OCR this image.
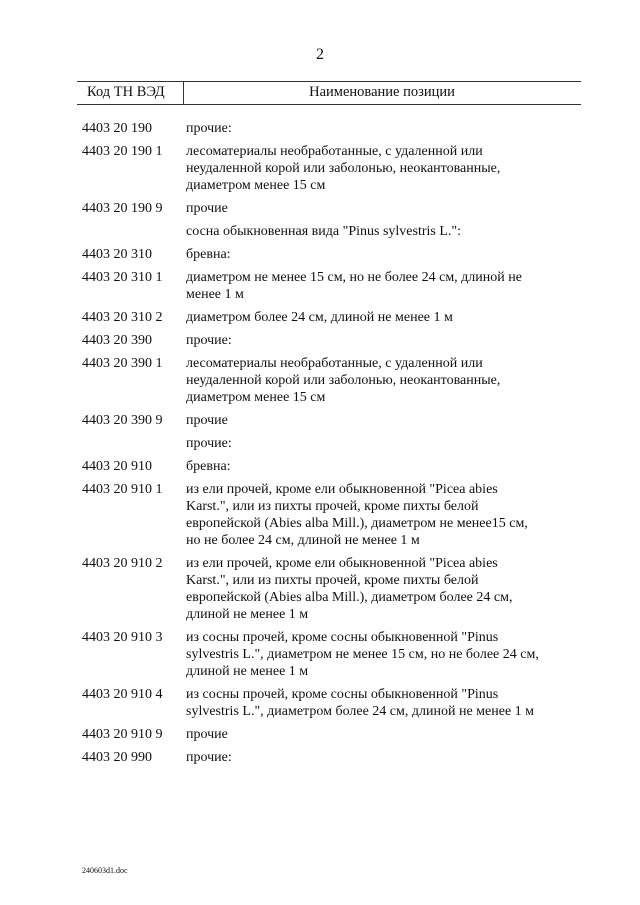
2
Код ТН ВЭД	Наименование позиции
4403 20 190	прочие:
4403 20 190 1	лесоматериалы необработанные, с удаленной или
неудаленной корой или заболонью, неокантованные,
диаметром менее 15 см
4403 20 190 9	прочие
сосна обыкновенная вида "Pinus sylvestris L.":
4403 20 310	бревна:
4403 20 310 1	диаметром не менее 15 см, но не более 24 см, длиной не
менее 1 м
4403 20 310 2	диаметром более 24 см, длиной не менее 1 м
4403 20 390	прочие:
4403 20 390 1	лесоматериалы необработанные, с удаленной или
неудаленной корой или заболонью, неокантованные,
диаметром менее 15 см
4403 20 390 9	прочие
прочие:
4403 20 910	бревна:
4403 20 910 1	из ели прочей, кроме ели обыкновенной "Picea abies
Karst.", или из пихты прочей, кроме пихты белой
европейской (Abies alba Mill.), диаметром не менее15 см,
но не более 24 см, длиной не менее 1 м
4403 20 910 2	из ели прочей, кроме ели обыкновенной "Picea abies
Karst.", или из пихты прочей, кроме пихты белой
европейской (Abies alba Mill.), диаметром более 24 см,
длиной не менее 1 м
4403 20 910 3	из сосны прочей, кроме сосны обыкновенной "Pinus
sylvestris L.", диаметром не менее 15 см, но не более 24 см,
длиной не менее 1 м
4403 20 910 4	из сосны прочей, кроме сосны обыкновенной "Pinus
sylvestris L.", диаметром более 24 см, длиной не менее 1 м
4403 20 910 9	прочие
4403 20 990	прочие:
240603d1.doc
